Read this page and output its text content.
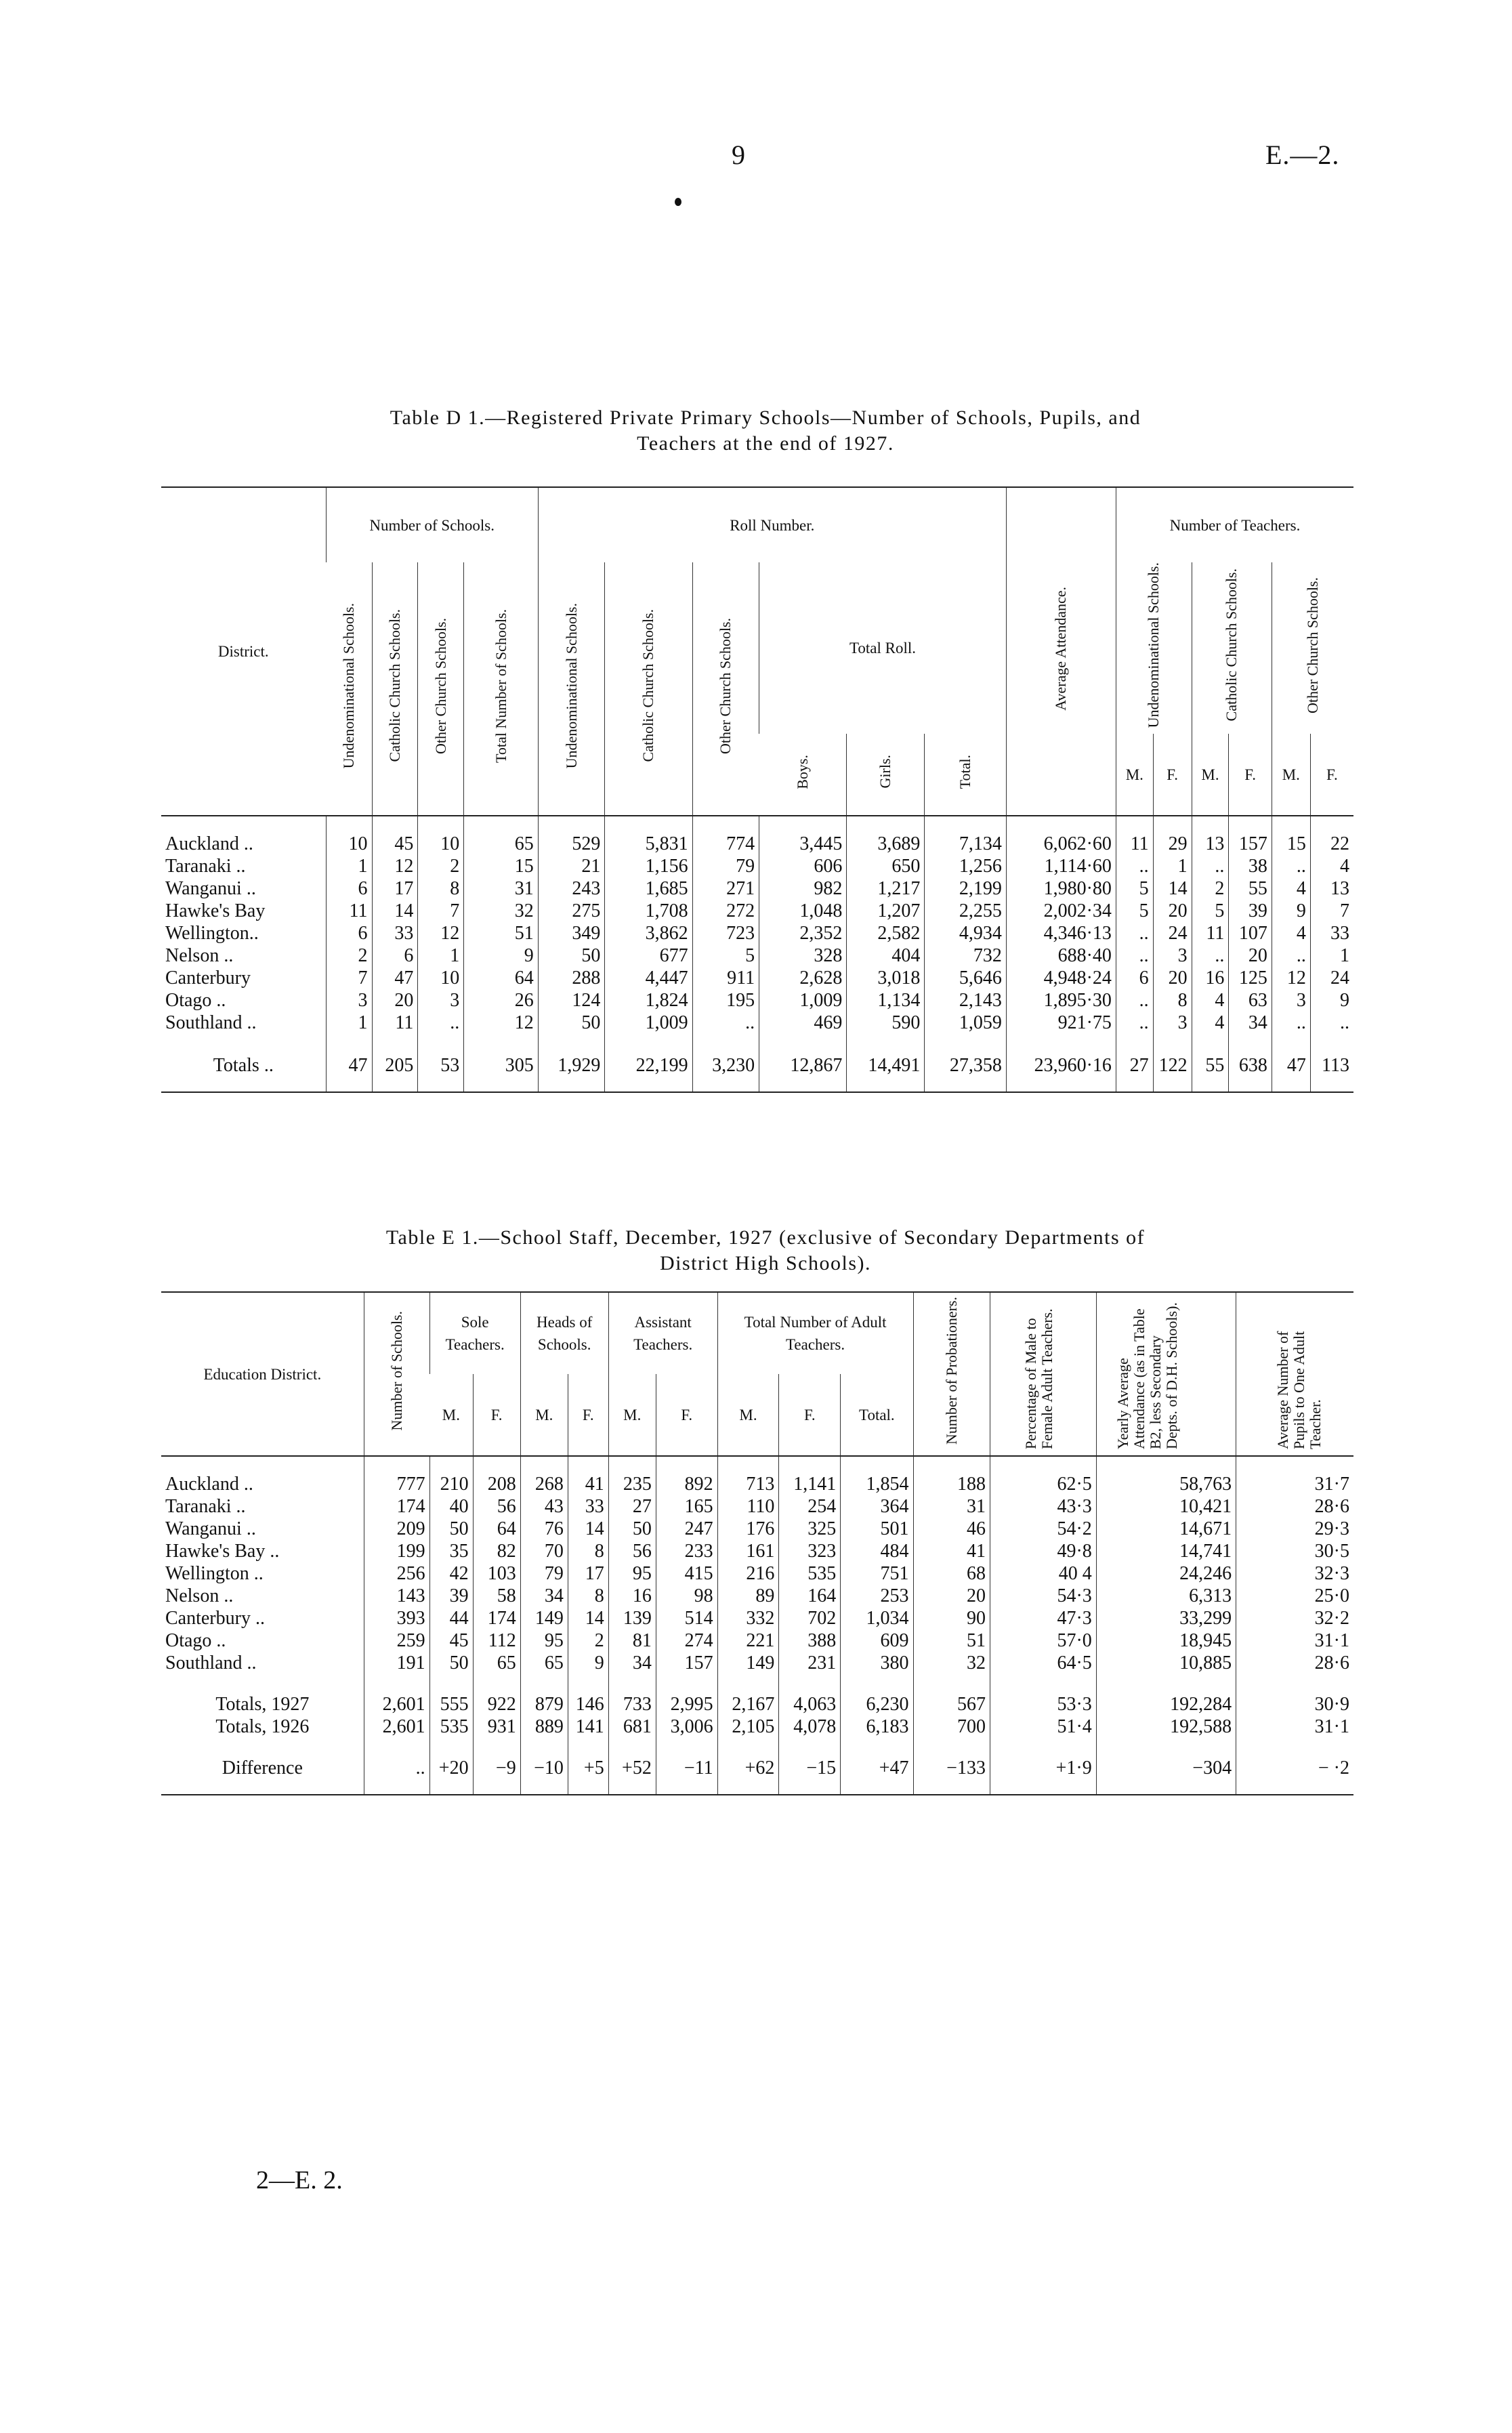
9	E.—2.
Table D 1.—Registered Private Primary Schools—Number of Schools, Pupils, and
Teachers at the end of 1927.
District.	Number of Schools.				Roll Number.						Average Attendance.	Number of Teachers.					
	Undenominational Schools.	Catholic Church Schools.	Other Church Schools.	Total Number of Schools.	Undenominational Schools.	Catholic Church Schools.	Other Church Schools.	Total Roll.				Undenominational Schools.		Catholic Church Schools.		Other Church Schools.	
								Boys.	Girls.	Total.		M.	F.	M.	F.	M.	F.
Auckland ..	10	45	10	65	529	5,831	774	3,445	3,689	7,134	6,062·60	11	29	13	157	15	22
Taranaki ..	1	12	2	15	21	1,156	79	606	650	1,256	1,114·60	..	1	..	38	..	4
Wanganui ..	6	17	8	31	243	1,685	271	982	1,217	2,199	1,980·80	5	14	2	55	4	13
Hawke's Bay	11	14	7	32	275	1,708	272	1,048	1,207	2,255	2,002·34	5	20	5	39	9	7
Wellington..	6	33	12	51	349	3,862	723	2,352	2,582	4,934	4,346·13	..	24	11	107	4	33
Nelson ..	2	6	1	9	50	677	5	328	404	732	688·40	..	3	..	20	..	1
Canterbury	7	47	10	64	288	4,447	911	2,628	3,018	5,646	4,948·24	6	20	16	125	12	24
Otago ..	3	20	3	26	124	1,824	195	1,009	1,134	2,143	1,895·30	..	8	4	63	3	9
Southland ..	1	11	..	12	50	1,009	..	469	590	1,059	921·75	..	3	4	34	..	..
Totals ..	47	205	53	305	1,929	22,199	3,230	12,867	14,491	27,358	23,960·16	27	122	55	638	47	113
Table E 1.—School Staff, December, 1927 (exclusive of Secondary Departments of
District High Schools).
Education District.	Number of Schools.	Sole Teachers.		Heads of Schools.		Assistant Teachers.		Total Number of Adult Teachers.			Number of Probationers.	Percentage of Male to Female Adult Teachers.	Yearly Average Attendance (as in Table B2, less Secondary Depts. of D.H. Schools).	Average Number of Pupils to One Adult Teacher.
		M.	F.	M.	F.	M.	F.	M.	F.	Total.				
Auckland ..	777	210	208	268	41	235	892	713	1,141	1,854	188	62·5	58,763	31·7
Taranaki ..	174	40	56	43	33	27	165	110	254	364	31	43·3	10,421	28·6
Wanganui ..	209	50	64	76	14	50	247	176	325	501	46	54·2	14,671	29·3
Hawke's Bay ..	199	35	82	70	8	56	233	161	323	484	41	49·8	14,741	30·5
Wellington ..	256	42	103	79	17	95	415	216	535	751	68	40 4	24,246	32·3
Nelson ..	143	39	58	34	8	16	98	89	164	253	20	54·3	6,313	25·0
Canterbury ..	393	44	174	149	14	139	514	332	702	1,034	90	47·3	33,299	32·2
Otago ..	259	45	112	95	2	81	274	221	388	609	51	57·0	18,945	31·1
Southland ..	191	50	65	65	9	34	157	149	231	380	32	64·5	10,885	28·6
Totals, 1927	2,601	555	922	879	146	733	2,995	2,167	4,063	6,230	567	53·3	192,284	30·9
Totals, 1926	2,601	535	931	889	141	681	3,006	2,105	4,078	6,183	700	51·4	192,588	31·1
Difference	..	+20	−9	−10	+5	+52	−11	+62	−15	+47	−133	+1·9	−304	− ·2
2—E. 2.
